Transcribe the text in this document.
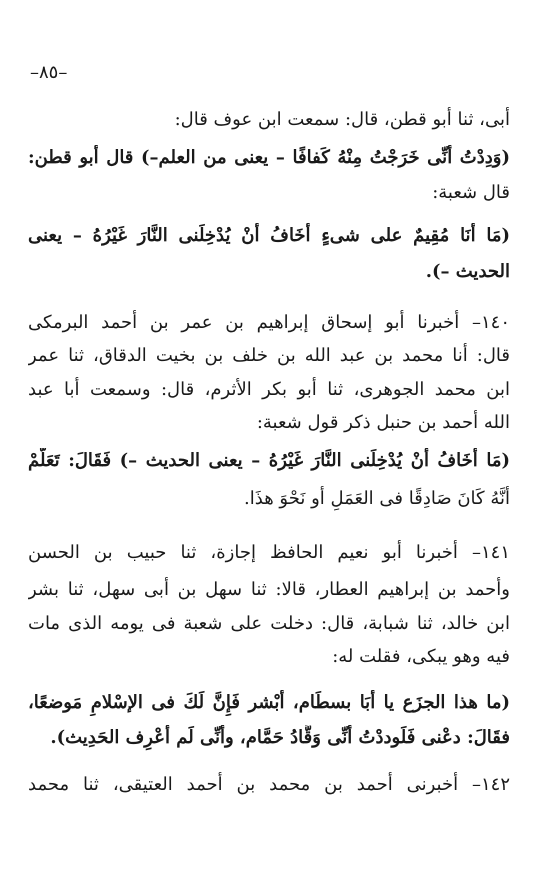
–٨٥–
أبى، ثنا أبو قطن، قال: سمعت ابن عوف قال:
(وَدِدْتُ أَنِّى خَرَجْتُ مِنْهُ كَفافًا – يعنى من العلم–) قال أبو قطن:
قال شعبة:
(مَا أَنَا مُقِيمٌ على شىءٍ أَخَافُ أَنْ يُدْخِلَنى النَّارَ غَيْرُهُ – يعنى
الحديث –).
١٤٠– أخبرنا أبو إسحاق إبراهيم بن عمر بن أحمد البرمكى
قال: أنا محمد بن عبد الله بن خلف بن بخيت الدقاق، ثنا عمر
ابن محمد الجوهرى، ثنا أبو بكر الأثرم، قال: وسمعت أبا عبد
الله أحمد بن حنبل ذكر قول شعبة:
(مَا أَخَافُ أَنْ يُدْخِلَنى النَّارَ غَيْرُهُ – يعنى الحديث –) فَقَالَ: تَعَلَّمْ
أَنَّهُ كَانَ صَادِقًا فى العَمَلِ أو نَحْوَ هذَا.
١٤١– أخبرنا أبو نعيم الحافظ إجازة، ثنا حبيب بن الحسن
وأحمد بن إبراهيم العطار، قالا: ثنا سهل بن أبى سهل، ثنا بشر
ابن خالد، ثنا شبابة، قال: دخلت على شعبة فى يومه الذى مات
فيه وهو يبكى، فقلت له:
(ما هذا الجزَع يا أبَا بسطَام، أَبْشر فَإِنَّ لَكَ فى الإسْلامِ مَوضعًا،
فقَالَ: دعْنى فَلَوددْتُ أنِّى وَقَّادُ حَمَّام، وأنِّى لَم أَعْرِف الحَدِيث).
١٤٢– أخبرنى أحمد بن محمد بن أحمد العتيقى، ثنا محمد
